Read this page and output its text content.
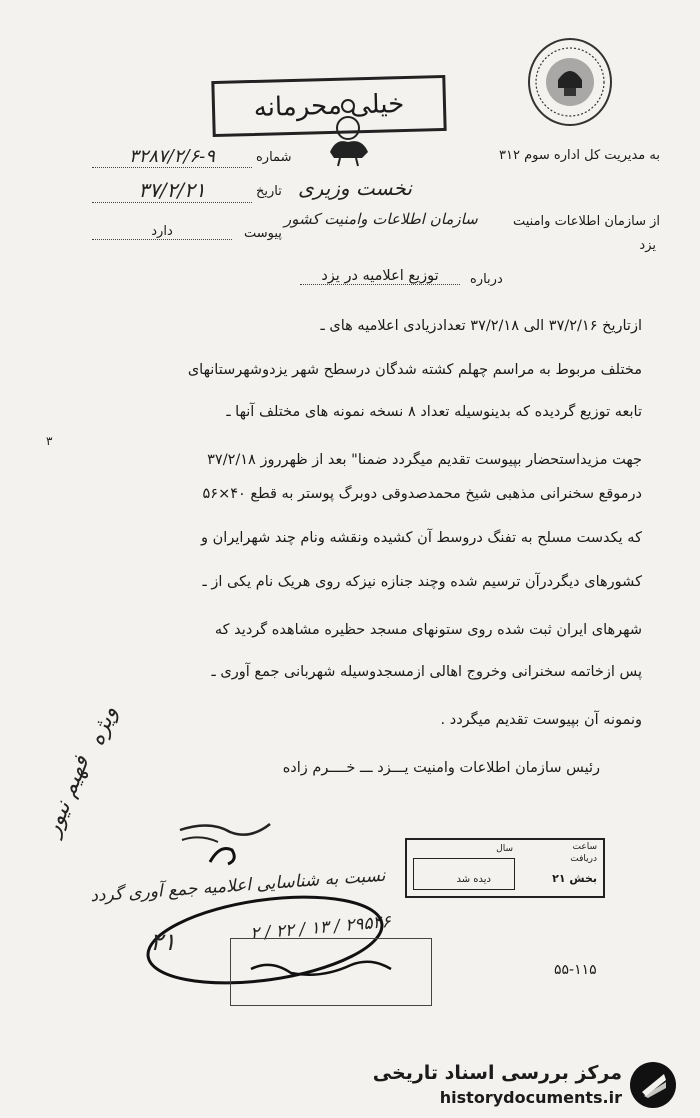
خیلی محرمانه
به مدیریت کل اداره سوم ۳۱۲
نخست وزیری
از سازمان اطلاعات وامنیت
سازمان اطلاعات وامنیت کشور
یزد
شماره
۳۲۸۷/۲/۶-۹
تاریخ
۳۷/۲/۲۱
پیوست
دارد
درباره
توزیع اعلامیه در یزد
ازتاریخ ۳۷/۲/۱۶ الی ۳۷/۲/۱۸ تعدادزیادی اعلامیه های ـ
مختلف مربوط به مراسم چهلم کشته شدگان درسطح شهر یزدوشهرستانهای
تابعه توزیع گردیده که بدینوسیله تعداد ۸ نسخه نمونه های مختلف آنها ـ
۳
جهت مزیداستحضار بپیوست تقدیم میگردد ضمنا" بعد از ظهرروز ۳۷/۲/۱۸
درموقع سخنرانی مذهبی شیخ محمدصدوقی دوبرگ پوستر به قطع ۴۰×۵۶
که یکدست مسلح به تفنگ دروسط آن کشیده ونقشه ونام چند شهرایران و
کشورهای دیگردرآن ترسیم شده وچند جنازه نیزکه روی هریک نام یکی از ـ
شهرهای ایران ثبت شده روی ستونهای مسجد حظیره مشاهده گردید که
پس ازخاتمه سخنرانی وخروج اهالی ازمسجدوسیله شهربانی جمع آوری ـ
ونمونه آن بپیوست تقدیم میگردد .
رئیس سازمان اطلاعات وامنیت یـــزد ـــ خــــرم زاده
ویژه
فهیم نیور
ساعت
سال
دریافت
بخش ۲۱
دیده شد
نسبت به شناسایی اعلامیه جمع آوری گردد
۲۹۵۴۶ / ۱۳ / ۲۲ / ۲
۲۱
۵۵-۱۱۵
مرکز بررسی اسناد تاریخی
historydocuments.ir
